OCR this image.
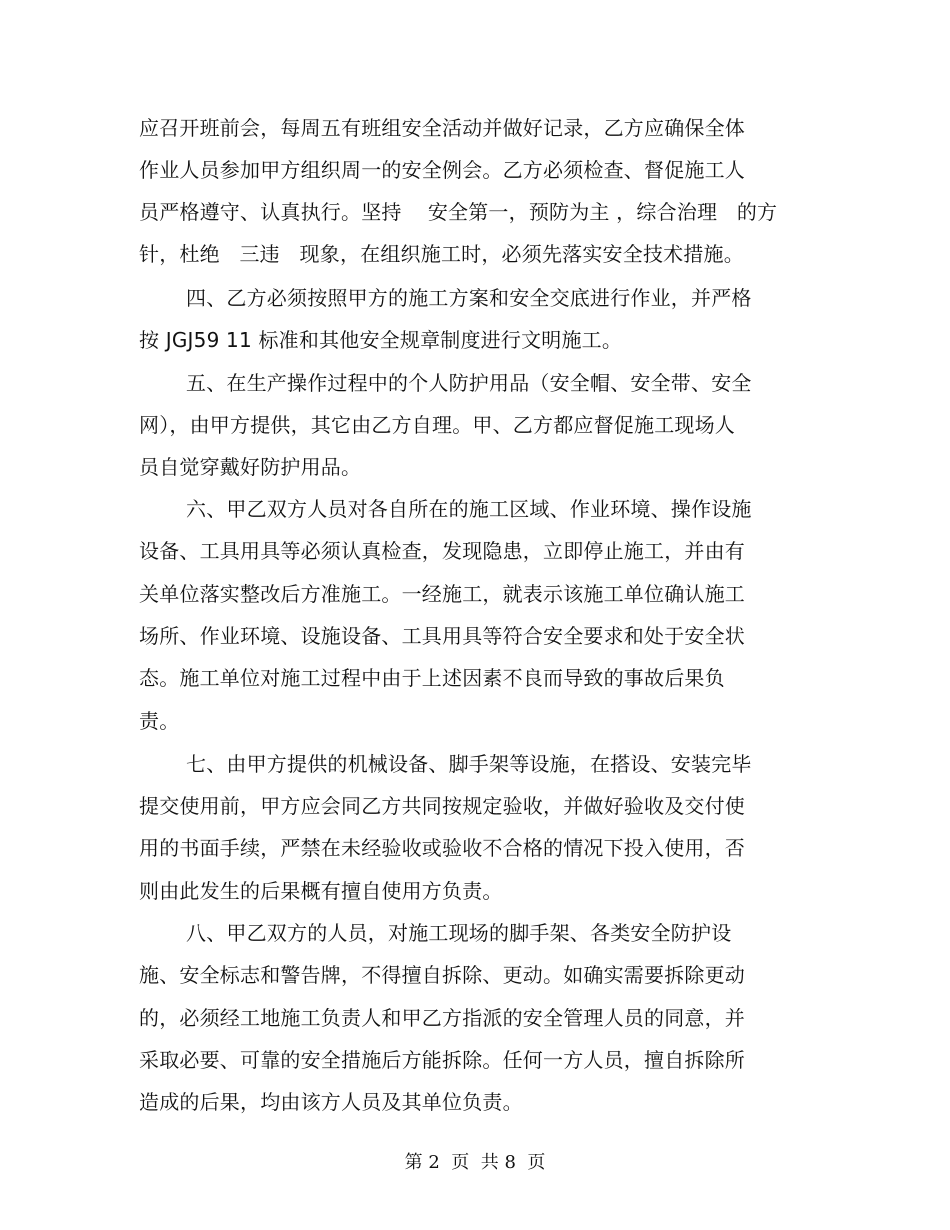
应召开班前会，每周五有班组安全活动并做好记录，乙方应确保全体
作业人员参加甲方组织周一的安全例会。乙方必须检查、督促施工人
员严格遵守、认真执行。坚持    安全第一，预防为主 ，综合治理   的方
针，杜绝   三违   现象，在组织施工时，必须先落实安全技术措施。
四、乙方必须按照甲方的施工方案和安全交底进行作业，并严格
按 JGJ59 11 标准和其他安全规章制度进行文明施工。
五、在生产操作过程中的个人防护用品（安全帽、安全带、安全
网），由甲方提供，其它由乙方自理。甲、乙方都应督促施工现场人
员自觉穿戴好防护用品。
六、甲乙双方人员对各自所在的施工区域、作业环境、操作设施
设备、工具用具等必须认真检查，发现隐患，立即停止施工，并由有
关单位落实整改后方准施工。一经施工，就表示该施工单位确认施工
场所、作业环境、设施设备、工具用具等符合安全要求和处于安全状
态。施工单位对施工过程中由于上述因素不良而导致的事故后果负
责。
七、由甲方提供的机械设备、脚手架等设施，在搭设、安装完毕
提交使用前，甲方应会同乙方共同按规定验收，并做好验收及交付使
用的书面手续，严禁在未经验收或验收不合格的情况下投入使用，否
则由此发生的后果概有擅自使用方负责。
八、甲乙双方的人员，对施工现场的脚手架、各类安全防护设
施、安全标志和警告牌，不得擅自拆除、更动。如确实需要拆除更动
的，必须经工地施工负责人和甲乙方指派的安全管理人员的同意，并
采取必要、可靠的安全措施后方能拆除。任何一方人员，擅自拆除所
造成的后果，均由该方人员及其单位负责。
第 2  页  共 8  页
